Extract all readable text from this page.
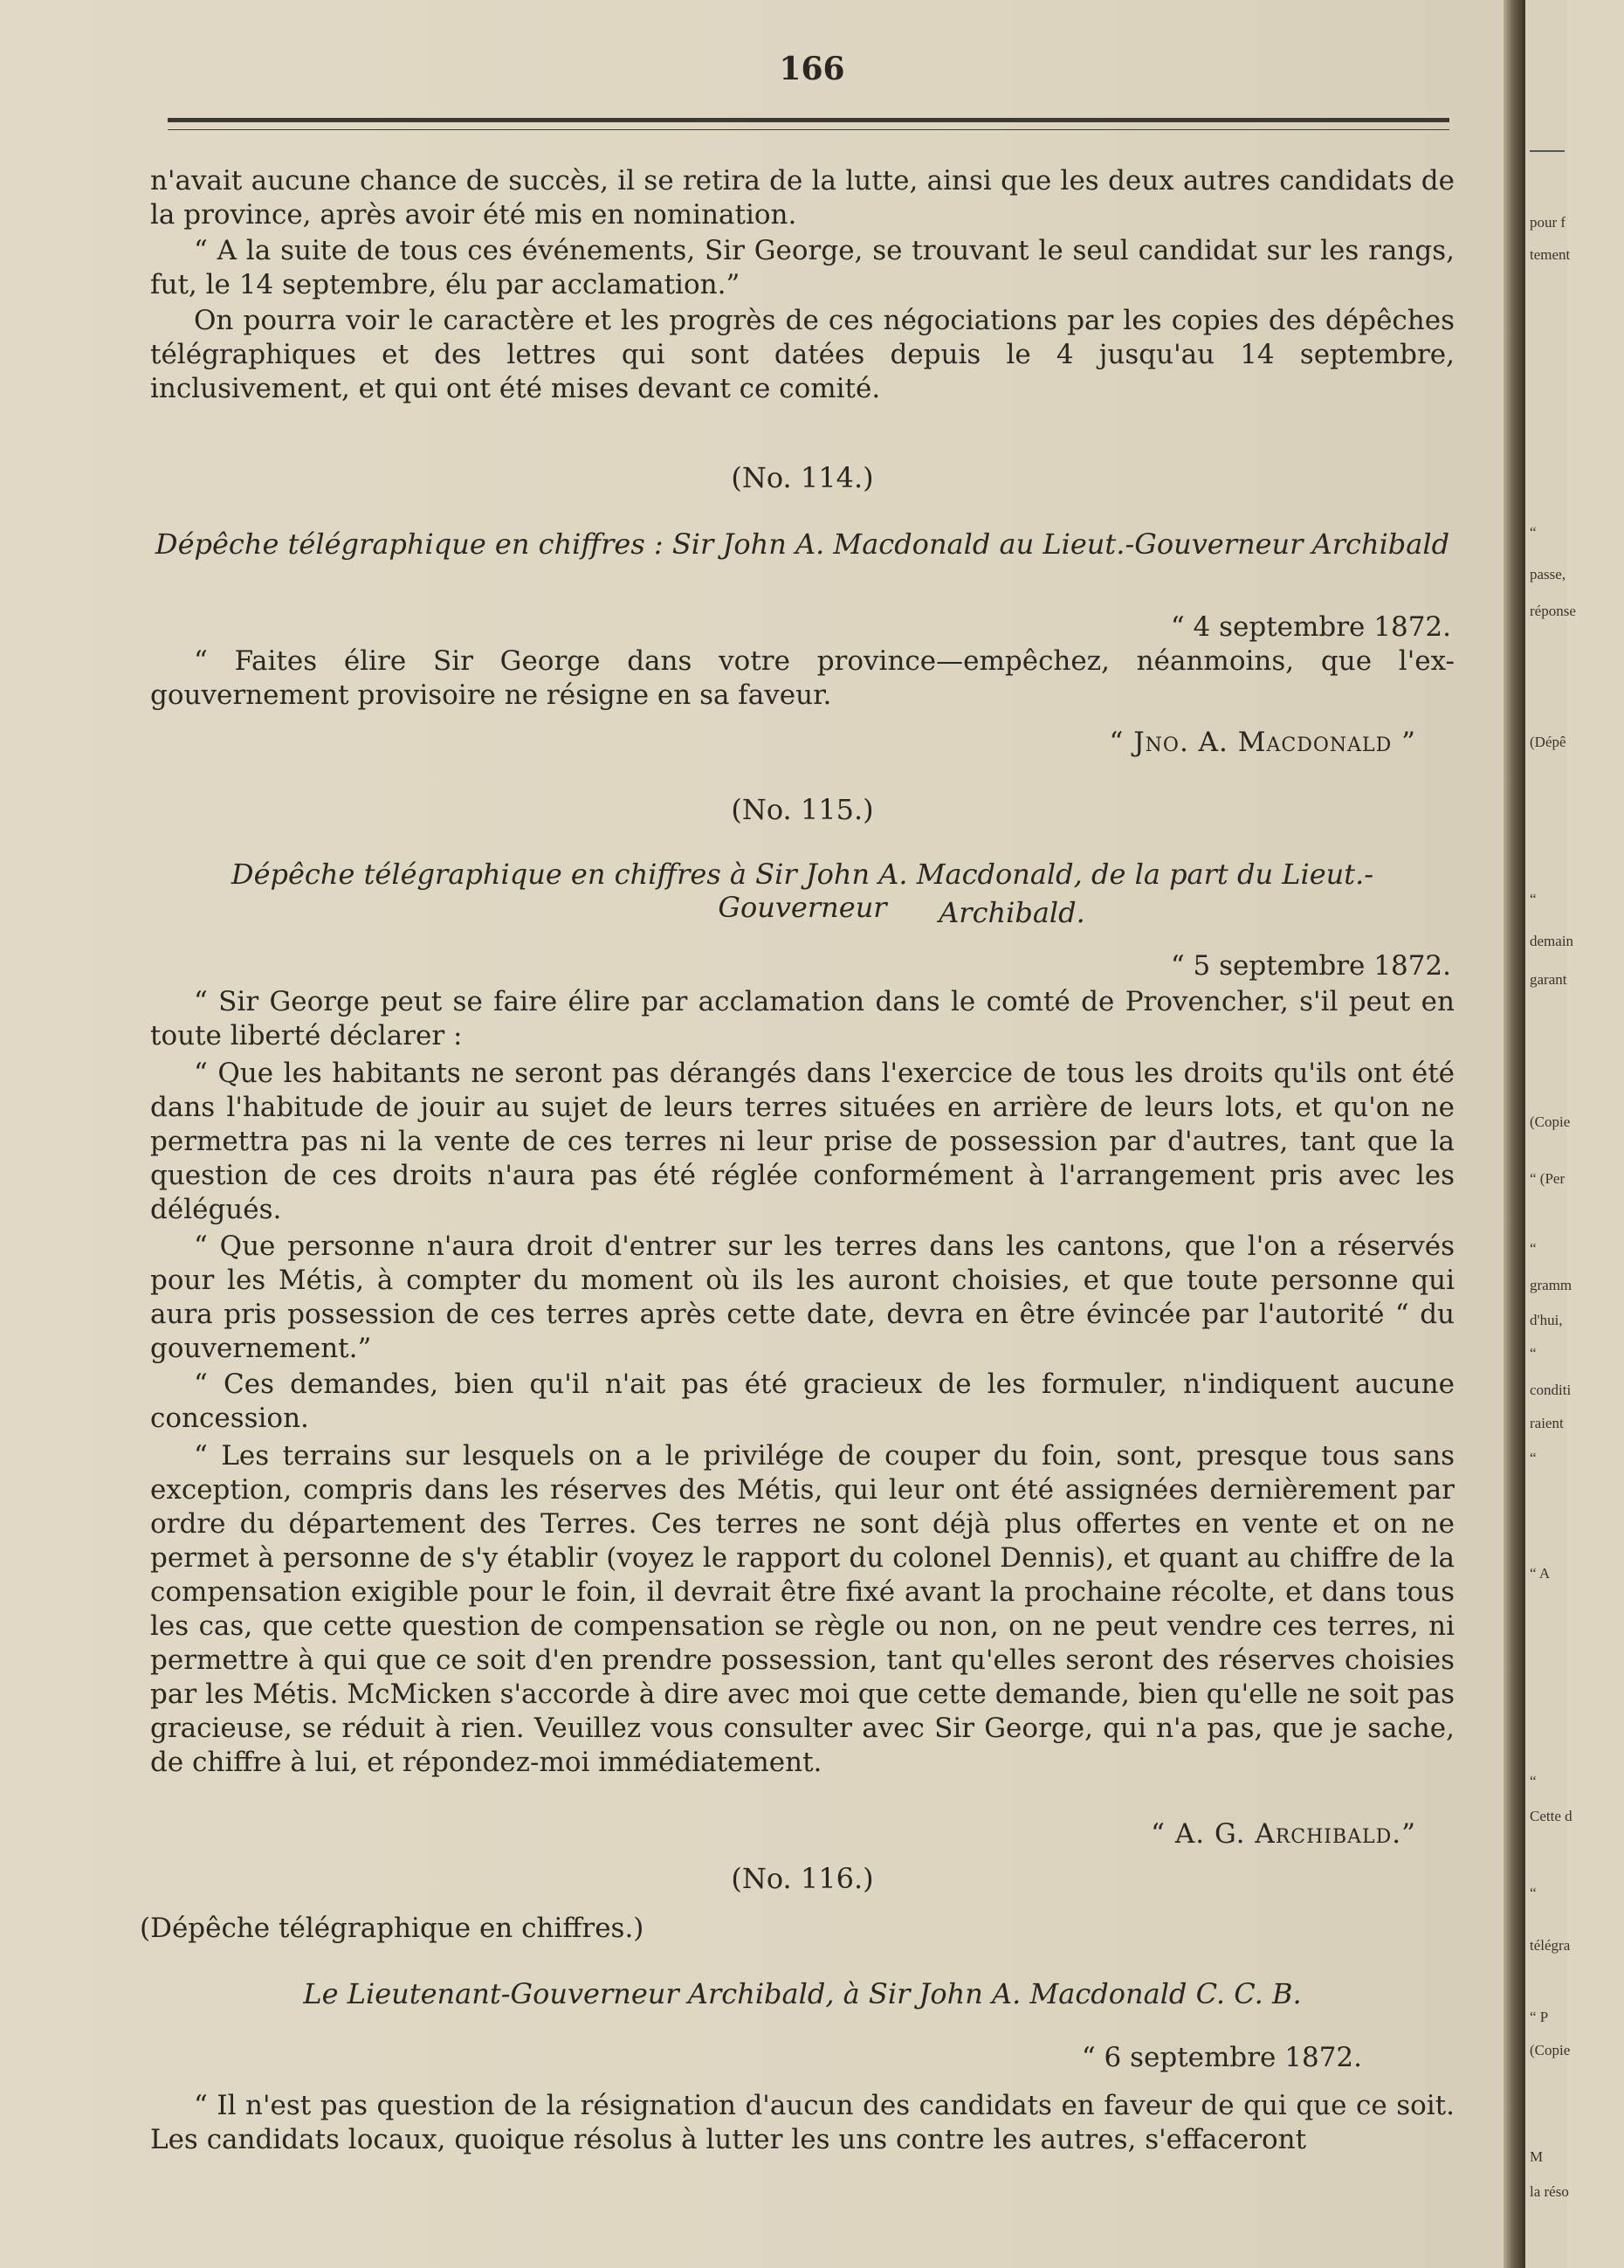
166

n'avait aucune chance de succès, il se retira de la lutte, ainsi que les deux autres candidats de la province, après avoir été mis en nomination.

“ A la suite de tous ces événements, Sir George, se trouvant le seul candidat sur les rangs, fut, le 14 septembre, élu par acclamation.”

On pourra voir le caractère et les progrès de ces négociations par les copies des dépêches télégraphiques et des lettres qui sont datées depuis le 4 jusqu'au 14 septembre, inclusivement, et qui ont été mises devant ce comité.

(No. 114.)
Dépêche télégraphique en chiffres : Sir John A. Macdonald au Lieut.-Gouverneur Archibald
“ 4 septembre 1872.

“ Faites élire Sir George dans votre province—empêchez, néanmoins, que l'ex-gouvernement provisoire ne résigne en sa faveur.

“ Jno. A. Macdonald ”
(No. 115.)
Dépêche télégraphique en chiffres à Sir John A. Macdonald, de la part du Lieut.-Gouverneur	Archibald.
“ 5 septembre 1872.

“ Sir George peut se faire élire par acclamation dans le comté de Provencher, s'il peut en toute liberté déclarer :

“ Que les habitants ne seront pas dérangés dans l'exercice de tous les droits qu'ils ont été dans l'habitude de jouir au sujet de leurs terres situées en arrière de leurs lots, et qu'on ne permettra pas ni la vente de ces terres ni leur prise de possession par d'autres, tant que la question de ces droits n'aura pas été réglée conformément à l'arrangement pris avec les délégués.

“ Que personne n'aura droit d'entrer sur les terres dans les cantons, que l'on a réservés pour les Métis, à compter du moment où ils les auront choisies, et que toute personne qui aura pris possession de ces terres après cette date, devra en être évincée par l'autorité “ du gouvernement.”

“ Ces demandes, bien qu'il n'ait pas été gracieux de les formuler, n'indiquent aucune concession.

“ Les terrains sur lesquels on a le privilége de couper du foin, sont, presque tous sans exception, compris dans les réserves des Métis, qui leur ont été assignées dernièrement par ordre du département des Terres. Ces terres ne sont déjà plus offertes en vente et on ne permet à personne de s'y établir (voyez le rapport du colonel Dennis), et quant au chiffre de la compensation exigible pour le foin, il devrait être fixé avant la prochaine récolte, et dans tous les cas, que cette question de compensation se règle ou non, on ne peut vendre ces terres, ni permettre à qui que ce soit d'en prendre possession, tant qu'elles seront des réserves choisies par les Métis. McMicken s'accorde à dire avec moi que cette demande, bien qu'elle ne soit pas gracieuse, se réduit à rien. Veuillez vous consulter avec Sir George, qui n'a pas, que je sache, de chiffre à lui, et répondez-moi immédiatement.

“ A. G. Archibald.”
(No. 116.)
(Dépêche télégraphique en chiffres.)
Le Lieutenant-Gouverneur Archibald, à Sir John A. Macdonald C. C. B.
“ 6 septembre 1872.

“ Il n'est pas question de la résignation d'aucun des candidats en faveur de qui que ce soit. Les candidats locaux, quoique résolus à lutter les uns contre les autres, s'effaceront

pour f
tement
“
passe,
réponse
(Dépê
“
demain
garant
(Copie
“ (Per
“
gramm
d'hui,
“
conditi
raient
“
“ A
“
Cette d
“
télégra
“ P
(Copie
M
la réso
